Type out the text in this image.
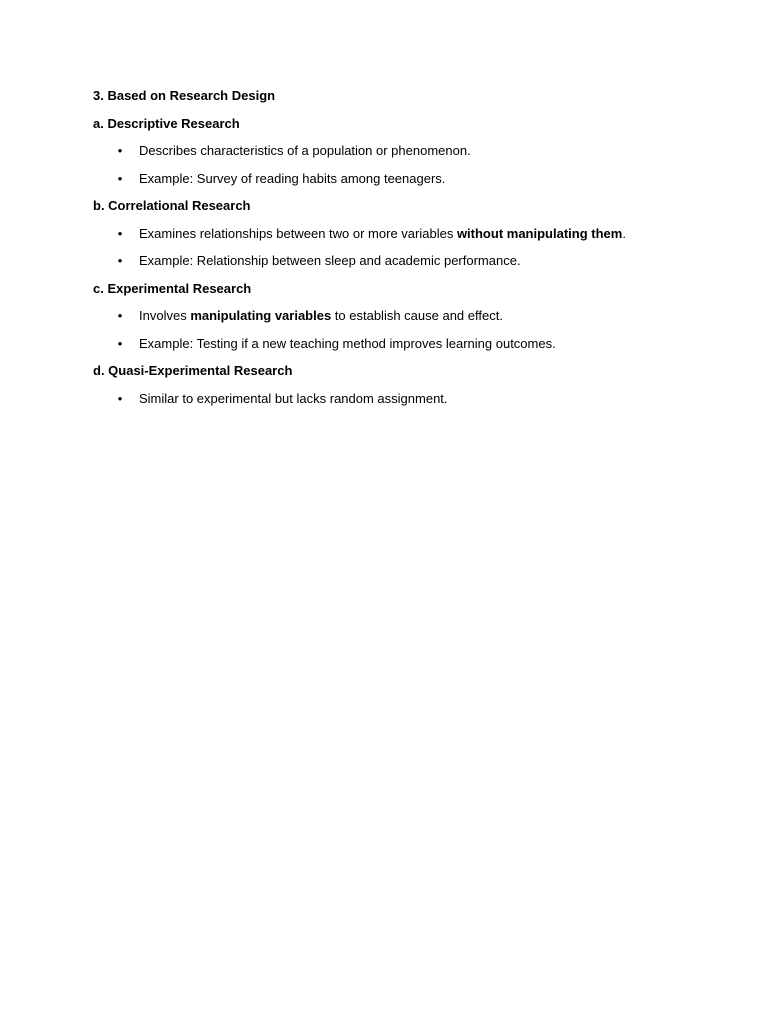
3. Based on Research Design
a. Descriptive Research
• Describes characteristics of a population or phenomenon.
• Example: Survey of reading habits among teenagers.
b. Correlational Research
• Examines relationships between two or more variables without manipulating them.
• Example: Relationship between sleep and academic performance.
c. Experimental Research
• Involves manipulating variables to establish cause and effect.
• Example: Testing if a new teaching method improves learning outcomes.
d. Quasi-Experimental Research
• Similar to experimental but lacks random assignment.
